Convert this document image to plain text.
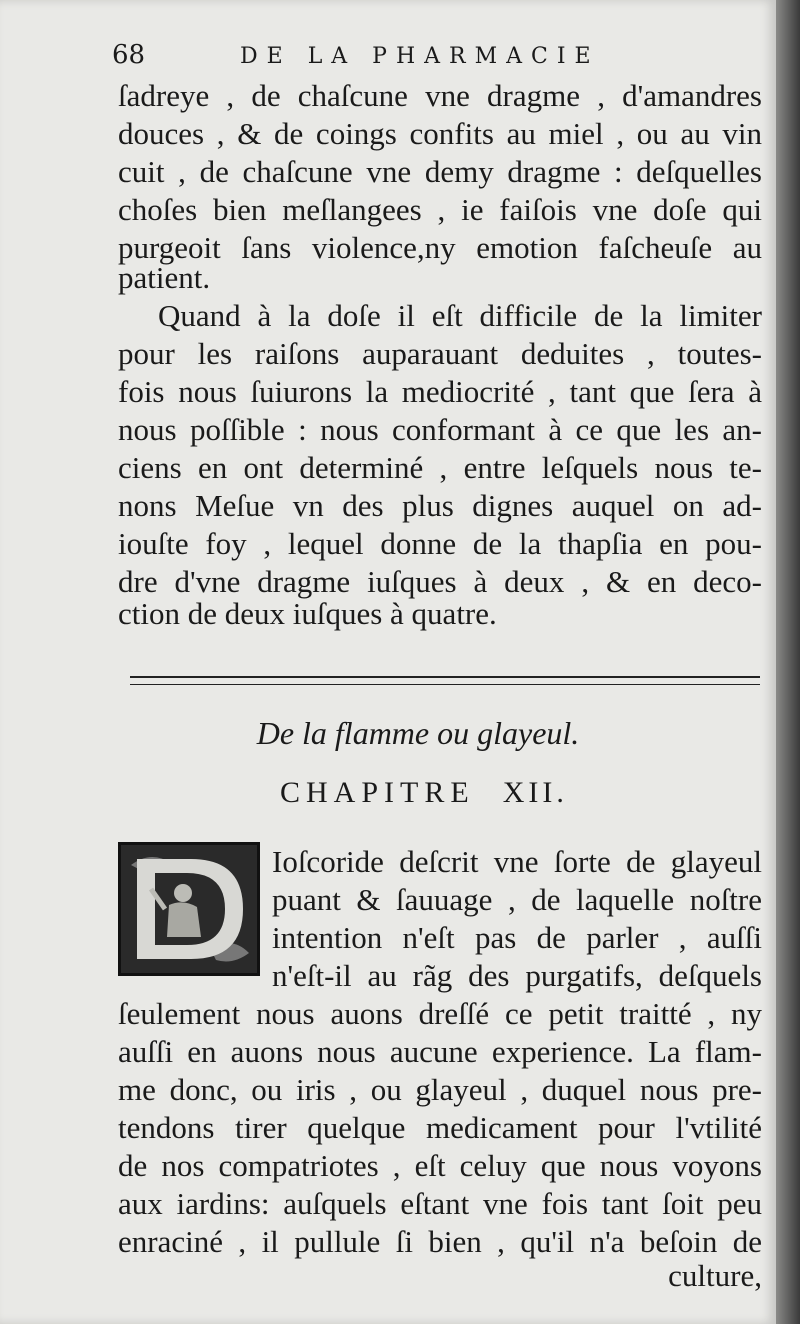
68	DE LA PHARMACIE
ſadreye , de chaſcune vne dragme , d'amandres
douces , & de coings confits au miel , ou au vin
cuit , de chaſcune vne demy dragme : deſquelles
choſes bien meſlangees , ie faiſois vne doſe qui
purgeoit ſans violence,ny emotion faſcheuſe au
patient.
Quand à la doſe il eſt difficile de la limiter
pour les raiſons auparauant deduites , toutes-
fois nous ſuiurons la mediocrité , tant que ſera à
nous poſſible : nous conformant à ce que les an-
ciens en ont determiné , entre leſquels nous te-
nons Meſue vn des plus dignes auquel on ad-
iouſte foy , lequel donne de la thapſia en pou-
dre d'vne dragme iuſques à deux , & en deco-
ction de deux iuſques à quatre.
De la flamme ou glayeul.
CHAPITRE XII.
Ioſcoride deſcrit vne ſorte de glayeul
puant & ſauuage , de laquelle noſtre
intention n'eſt pas de parler , auſſi
n'eſt-il au rãg des purgatifs, deſquels
ſeulement nous auons dreſſé ce petit traitté , ny
auſſi en auons nous aucune experience. La flam-
me donc, ou iris , ou glayeul , duquel nous pre-
tendons tirer quelque medicament pour l'vtilité
de nos compatriotes , eſt celuy que nous voyons
aux iardins: auſquels eſtant vne fois tant ſoit peu
enraciné , il pullule ſi bien , qu'il n'a beſoin de
culture,
